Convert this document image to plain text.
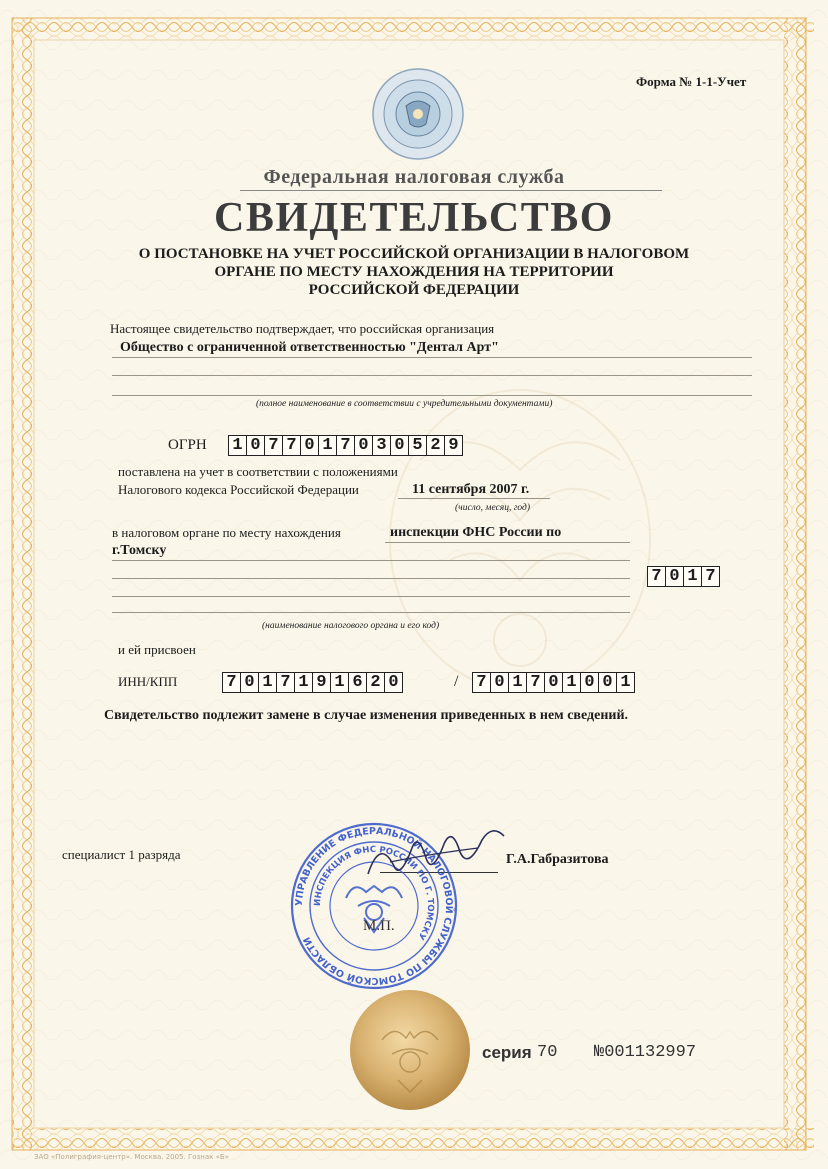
Форма № 1-1-Учет
Федеральная налоговая служба
СВИДЕТЕЛЬСТВО
О ПОСТАНОВКЕ НА УЧЕТ РОССИЙСКОЙ ОРГАНИЗАЦИИ В НАЛОГОВОМ
ОРГАНЕ ПО МЕСТУ НАХОЖДЕНИЯ НА ТЕРРИТОРИИ
РОССИЙСКОЙ ФЕДЕРАЦИИ
Настоящее свидетельство подтверждает, что российская организация
Общество с ограниченной ответственностью "Дентал Арт"
(полное наименование в соответствии с учредительными документами)
ОГРН 1 0 7 7 0 1 7 0 3 0 5 2 9
поставлена на учет в соответствии с положениями
Налогового кодекса Российской Федерации	11 сентября 2007 г.
(число, месяц, год)
в налоговом органе по месту нахождения	инспекции ФНС России по
г.Томску
7 0 1 7
(наименование налогового органа и его код)
и ей присвоен
ИНН/КПП	7 0 1 7 1 9 1 6 2 0	/ 7 0 1 7 0 1 0 0 1
Свидетельство подлежит замене в случае изменения приведенных в нем сведений.
специалист 1 разряда	Г.А.Габразитова
УПРАВЛЕНИЕ ФЕДЕРАЛЬНОЙ НАЛОГОВОЙ СЛУЖБЫ ПО ТОМСКОЙ ОБЛАСТИ
ИНСПЕКЦИЯ ФНС РОССИИ ПО Г. ТОМСКУ
М.П.
серия 70 №001132997
ЗАО «Полиграфия-центр». Москва. 2005. Гознак «Б»
